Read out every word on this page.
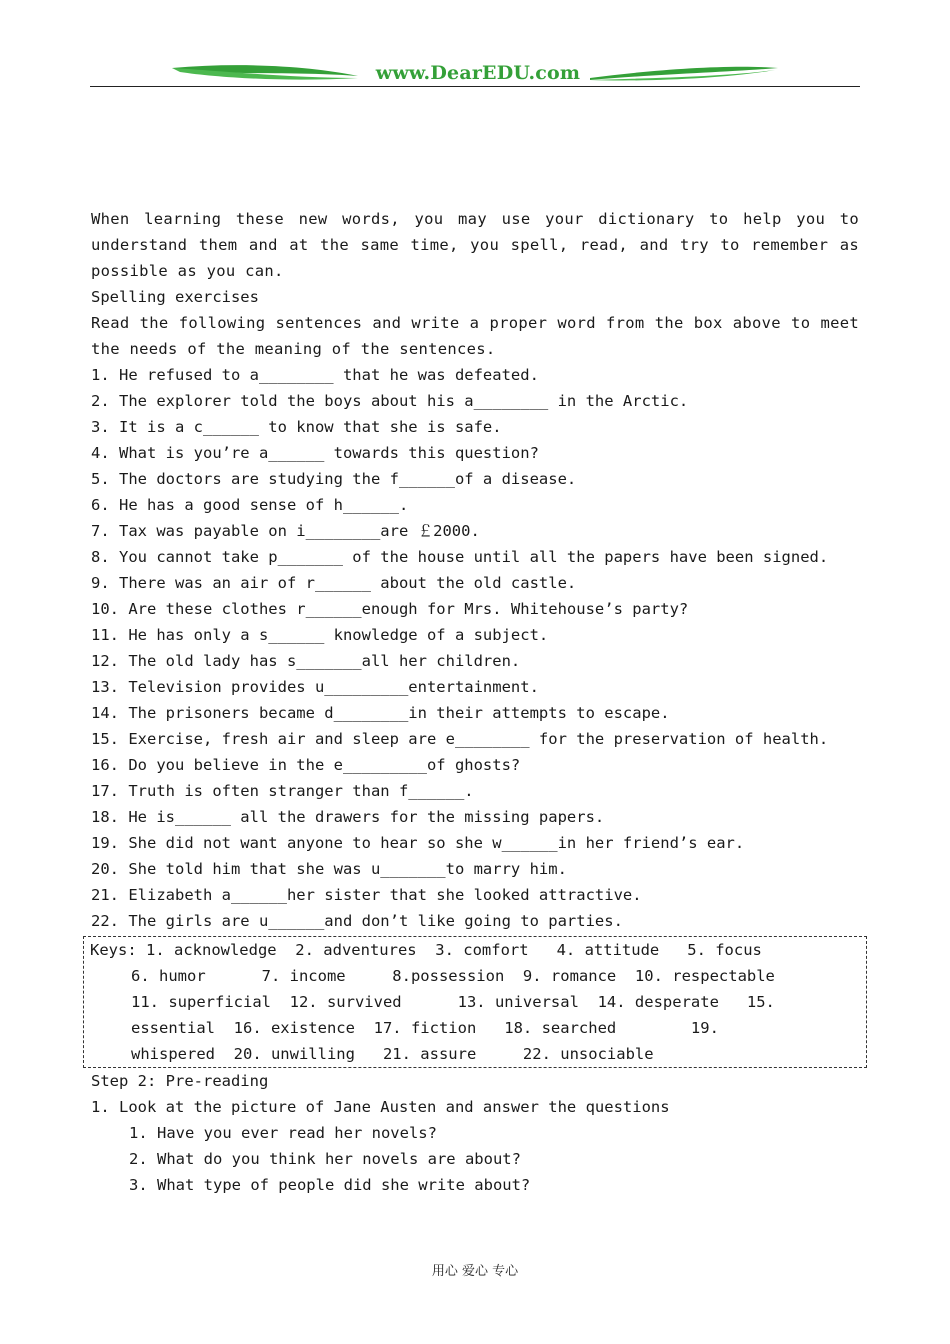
www.DearEDU.com
When learning these new words, you may use your dictionary to help you to understand them and at the same time, you spell, read, and try to remember as possible as you can.
Spelling exercises
Read the following sentences and write a proper word from the box above to meet the needs of the meaning of the sentences.
1. He refused to a________ that he was defeated.
2. The explorer told the boys about his a________ in the Arctic.
3. It is a c______ to know that she is safe.
4. What is you’re a______ towards this question?
5. The doctors are studying the f______of a disease.
6. He has a good sense of h______.
7. Tax was payable on i________are ￡2000.
8. You cannot take p_______ of the house until all the papers have been signed.
9. There was an air of r______ about the old castle.
10. Are these clothes r______enough for Mrs. Whitehouse’s party?
11. He has only a s______ knowledge of a subject.
12. The old lady has s_______all her children.
13. Television provides u_________entertainment.
14. The prisoners became d________in their attempts to escape.
15. Exercise, fresh air and sleep are e________ for the preservation of health.
16. Do you believe in the e_________of ghosts?
17. Truth is often stranger than f______.
18. He is______ all the drawers for the missing papers.
19. She did not want anyone to hear so she w______in her friend’s ear.
20. She told him that she was u_______to marry him.
21. Elizabeth a______her sister that she looked attractive.
22. The girls are u______and don’t like going to parties.
Keys: 1. acknowledge  2. adventures  3. comfort   4. attitude   5. focus
6. humor      7. income     8.possession  9. romance  10. respectable
11. superficial  12. survived      13. universal  14. desperate   15.
essential  16. existence  17. fiction   18. searched        19.
whispered  20. unwilling   21. assure     22. unsociable
Step 2: Pre-reading
1. Look at the picture of Jane Austen and answer the questions
1. Have you ever read her novels?
2. What do you think her novels are about?
3. What type of people did she write about?
用心 爱心 专心
